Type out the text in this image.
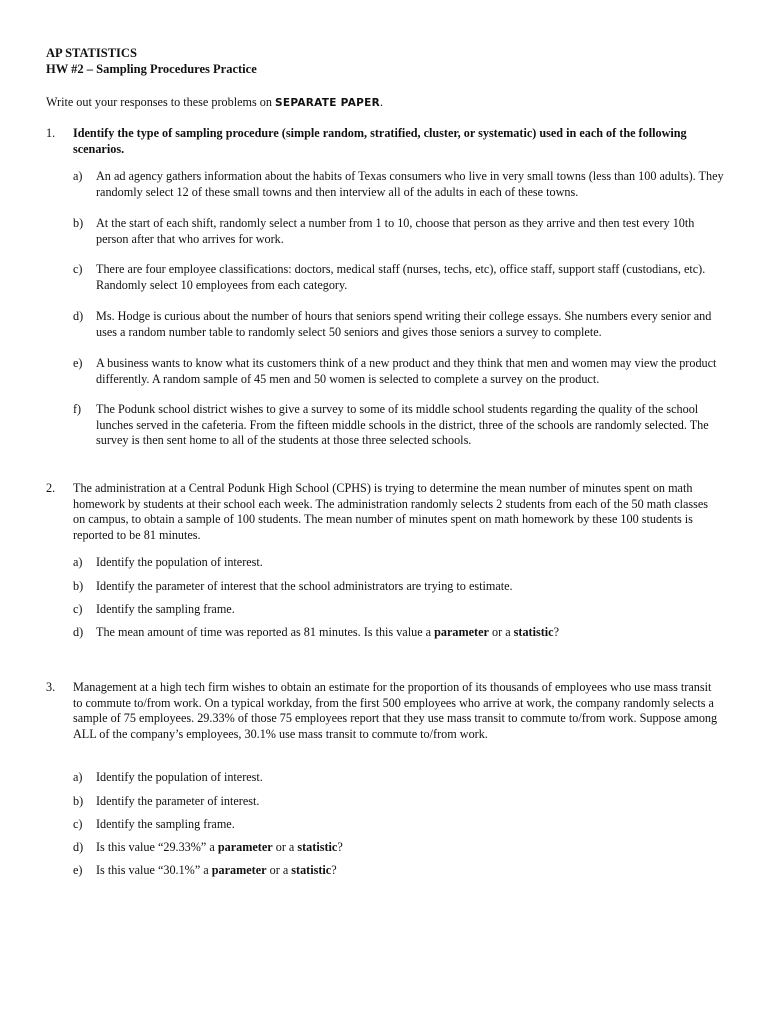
AP STATISTICS
HW #2 – Sampling Procedures Practice
Write out your responses to these problems on SEPARATE PAPER.
1.	Identify the type of sampling procedure (simple random, stratified, cluster, or systematic) used in each of the following scenarios.
a)	An ad agency gathers information about the habits of Texas consumers who live in very small towns (less than 100 adults). They randomly select 12 of these small towns and then interview all of the adults in each of these towns.
b)	At the start of each shift, randomly select a number from 1 to 10, choose that person as they arrive and then test every 10th person after that who arrives for work.
c)	There are four employee classifications: doctors, medical staff (nurses, techs, etc), office staff, support staff (custodians, etc). Randomly select 10 employees from each category.
d)	Ms. Hodge is curious about the number of hours that seniors spend writing their college essays. She numbers every senior and uses a random number table to randomly select 50 seniors and gives those seniors a survey to complete.
e)	A business wants to know what its customers think of a new product and they think that men and women may view the product differently. A random sample of 45 men and 50 women is selected to complete a survey on the product.
f)	The Podunk school district wishes to give a survey to some of its middle school students regarding the quality of the school lunches served in the cafeteria. From the fifteen middle schools in the district, three of the schools are randomly selected. The survey is then sent home to all of the students at those three selected schools.
2.	The administration at a Central Podunk High School (CPHS) is trying to determine the mean number of minutes spent on math homework by students at their school each week. The administration randomly selects 2 students from each of the 50 math classes on campus, to obtain a sample of 100 students. The mean number of minutes spent on math homework by these 100 students is reported to be 81 minutes.
a)	Identify the population of interest.
b)	Identify the parameter of interest that the school administrators are trying to estimate.
c)	Identify the sampling frame.
d)	The mean amount of time was reported as 81 minutes. Is this value a parameter or a statistic?
3.	Management at a high tech firm wishes to obtain an estimate for the proportion of its thousands of employees who use mass transit to commute to/from work. On a typical workday, from the first 500 employees who arrive at work, the company randomly selects a sample of 75 employees. 29.33% of those 75 employees report that they use mass transit to commute to/from work. Suppose among ALL of the company’s employees, 30.1% use mass transit to commute to/from work.
a)	Identify the population of interest.
b)	Identify the parameter of interest.
c)	Identify the sampling frame.
d)	Is this value “29.33%” a parameter or a statistic?
e)	Is this value “30.1%” a parameter or a statistic?
